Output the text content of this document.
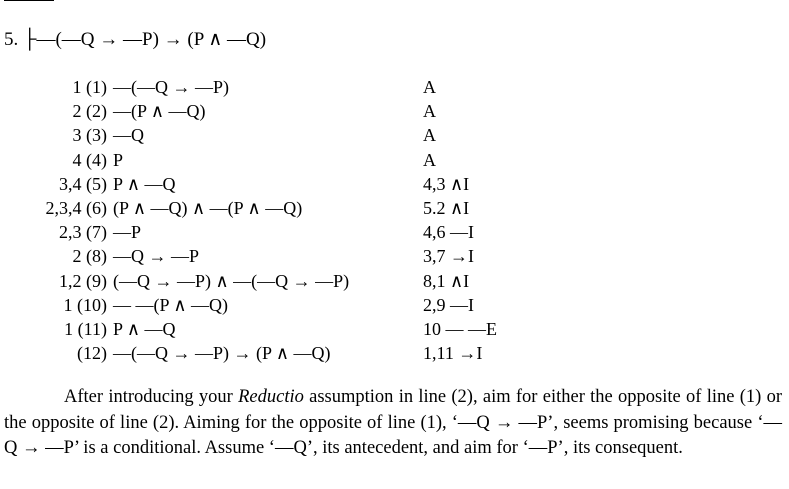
5. ├—(—Q → —P) → (P ∧ —Q)
1 (1) —(—Q → —P)	A
2 (2) —(P ∧ —Q)	A
3 (3) —Q	A
4 (4) P	A
3,4 (5) P ∧ —Q	4,3 ∧I
2,3,4 (6) (P ∧ —Q) ∧ —(P ∧ —Q)	5.2 ∧I
2,3 (7) —P	4,6 —I
2 (8) —Q → —P	3,7 →I
1,2 (9) (—Q → —P) ∧ —(—Q → —P)	8,1 ∧I
1 (10) — —(P ∧ —Q)	2,9 —I
1 (11) P ∧ —Q	10 — —E
(12) —(—Q → —P) → (P ∧ —Q)	1,11 →I

After introducing your Reductio assumption in line (2), aim for either the opposite of line (1) or the opposite of line (2). Aiming for the opposite of line (1), ‘—Q → —P’, seems promising because ‘—Q → —P’ is a conditional. Assume ‘—Q’, its antecedent, and aim for ‘—P’, its consequent.
